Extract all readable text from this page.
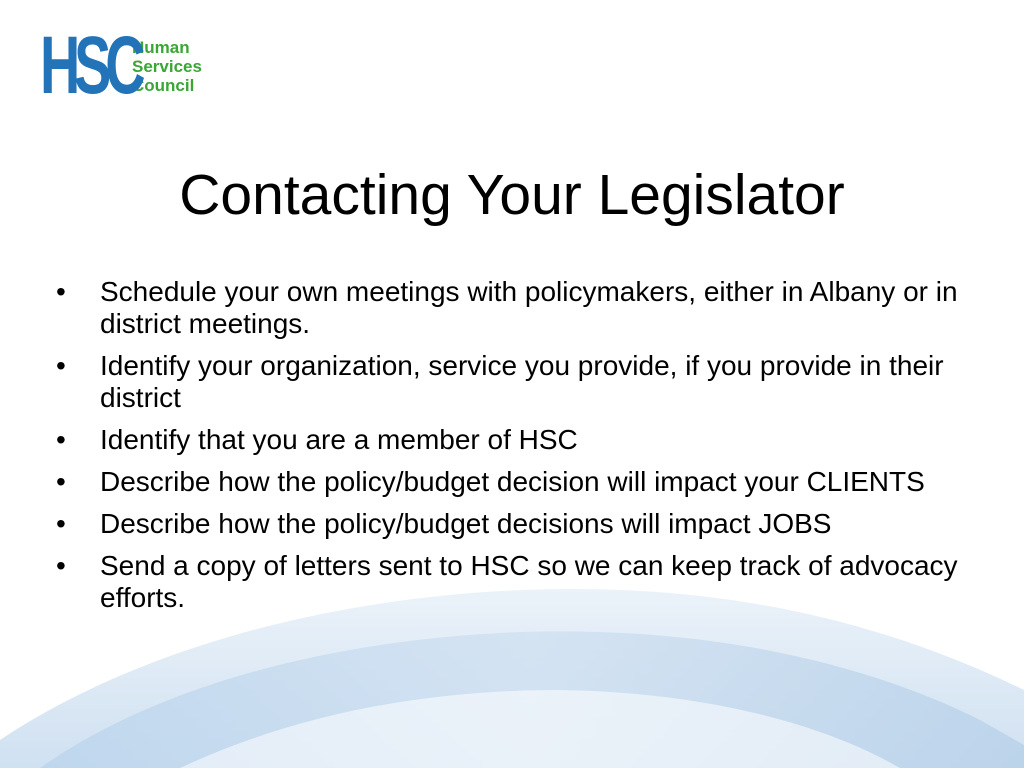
HSC
Human
Services
Council
Contacting Your Legislator
•	Schedule your own meetings with policymakers, either in Albany or in district meetings.
•	Identify your organization, service you provide, if you provide in their district
•	Identify that you are a member of HSC
•	Describe how the policy/budget decision will impact your CLIENTS
•	Describe how the policy/budget decisions will impact JOBS
•	Send a copy of letters sent to HSC so we can keep track of advocacy efforts.
